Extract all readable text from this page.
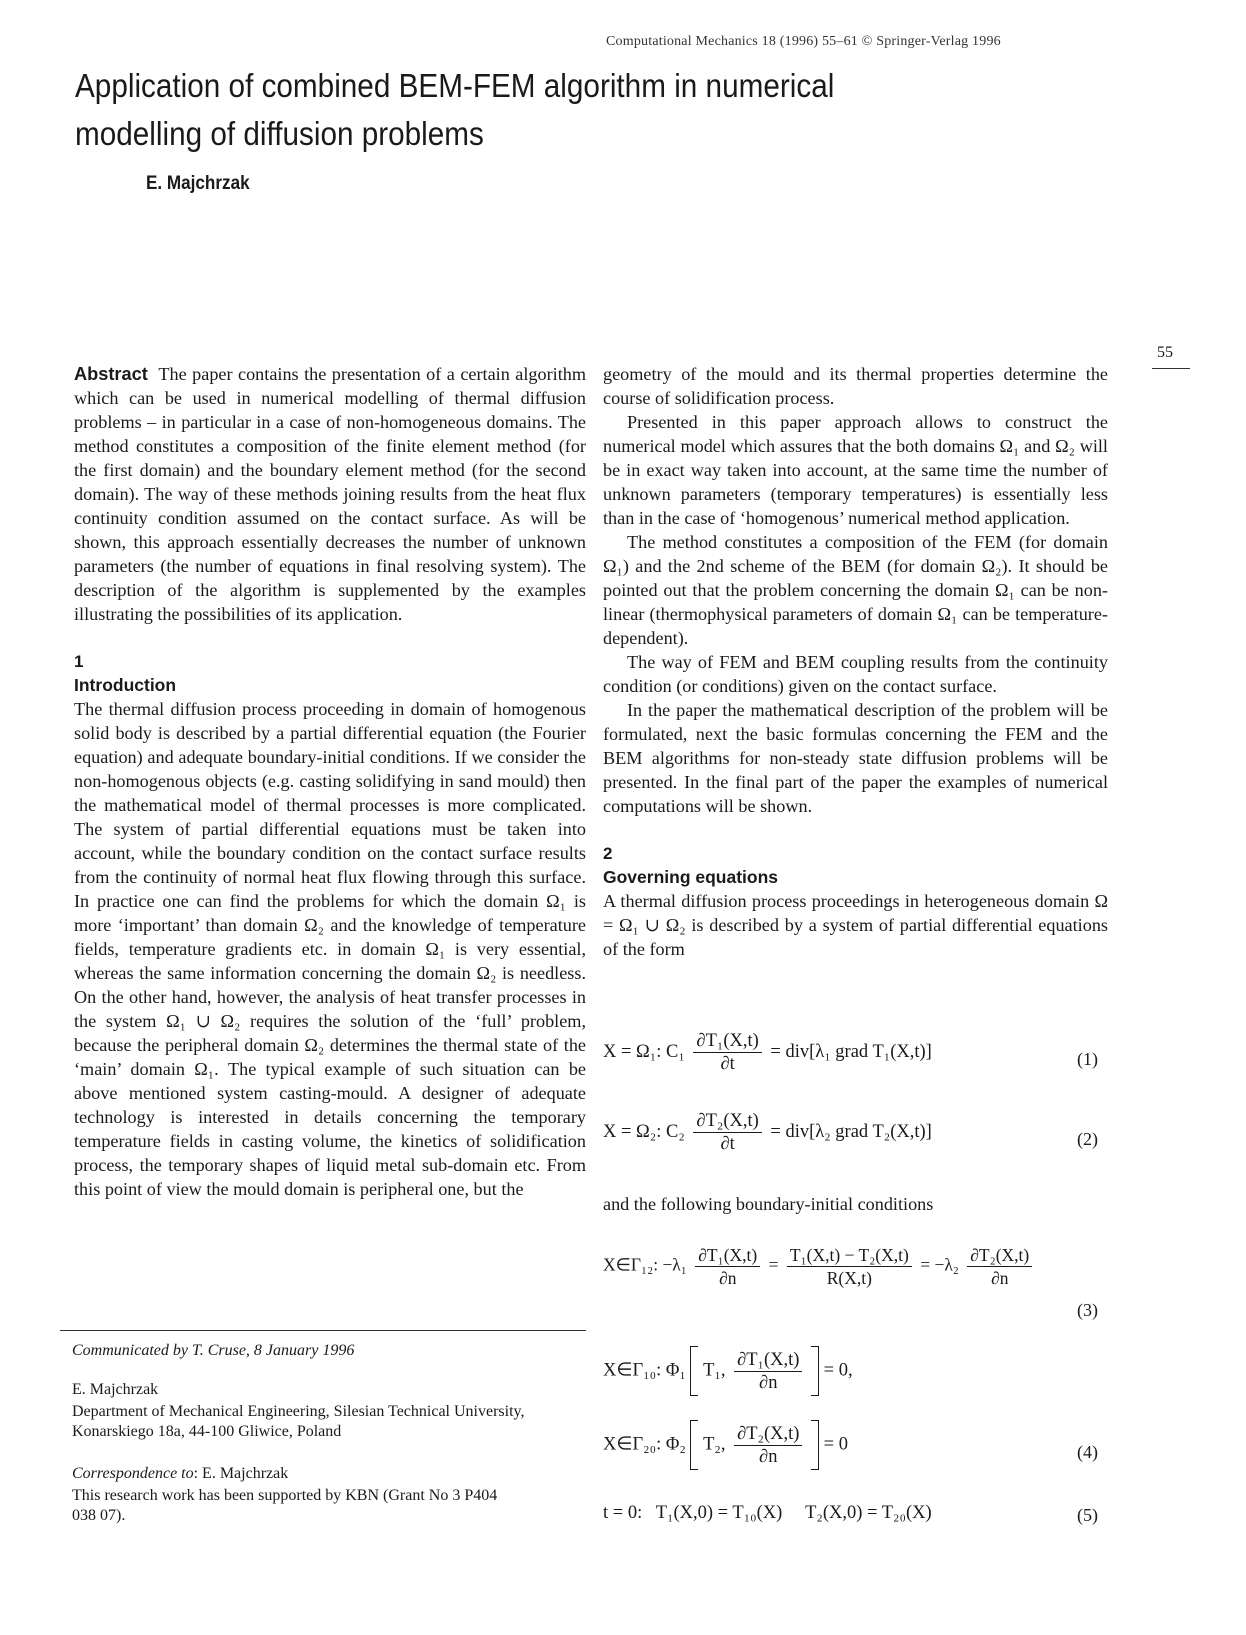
Computational Mechanics 18 (1996) 55–61 © Springer-Verlag 1996
Application of combined BEM-FEM algorithm in numerical modelling of diffusion problems
E. Majchrzak
55

Abstract The paper contains the presentation of a certain algorithm which can be used in numerical modelling of thermal diffusion problems – in particular in a case of non-homogeneous domains. The method constitutes a composition of the finite element method (for the first domain) and the boundary element method (for the second domain). The way of these methods joining results from the heat flux continuity condition assumed on the contact surface. As will be shown, this approach essentially decreases the number of unknown parameters (the number of equations in final resolving system). The description of the algorithm is supplemented by the examples illustrating the possibilities of its application.

1
Introduction

The thermal diffusion process proceeding in domain of homogenous solid body is described by a partial differential equation (the Fourier equation) and adequate boundary-initial conditions. If we consider the non-homogenous objects (e.g. casting solidifying in sand mould) then the mathematical model of thermal processes is more complicated. The system of partial differential equations must be taken into account, while the boundary condition on the contact surface results from the continuity of normal heat flux flowing through this surface. In practice one can find the problems for which the domain Ω₁ is more ‘important’ than domain Ω₂ and the knowledge of temperature fields, temperature gradients etc. in domain Ω₁ is very essential, whereas the same information concerning the domain Ω₂ is needless. On the other hand, however, the analysis of heat transfer processes in the system Ω₁ ∪ Ω₂ requires the solution of the ‘full’ problem, because the peripheral domain Ω₂ determines the thermal state of the ‘main’ domain Ω₁. The typical example of such situation can be above mentioned system casting-mould. A designer of adequate technology is interested in details concerning the temporary temperature fields in casting volume, the kinetics of solidification process, the temporary shapes of liquid metal sub-domain etc. From this point of view the mould domain is peripheral one, but the

geometry of the mould and its thermal properties determine the course of solidification process.

Presented in this paper approach allows to construct the numerical model which assures that the both domains Ω₁ and Ω₂ will be in exact way taken into account, at the same time the number of unknown parameters (temporary temperatures) is essentially less than in the case of ‘homogenous’ numerical method application.

The method constitutes a composition of the FEM (for domain Ω₁) and the 2nd scheme of the BEM (for domain Ω₂). It should be pointed out that the problem concerning the domain Ω₁ can be non-linear (thermophysical parameters of domain Ω₁ can be temperature-dependent).

The way of FEM and BEM coupling results from the continuity condition (or conditions) given on the contact surface.

In the paper the mathematical description of the problem will be formulated, next the basic formulas concerning the FEM and the BEM algorithms for non-steady state diffusion problems will be presented. In the final part of the paper the examples of numerical computations will be shown.

2
Governing equations

A thermal diffusion process proceedings in heterogeneous domain Ω = Ω₁ ∪ Ω₂ is described by a system of partial differential equations of the form

X = Ω₁: $C_1 \frac{\text{∂T₁(X,t)}}{\partial t} = div[\lambda_1$ grad T₁(X,t)]	(1)
X = Ω₂: $C_2 \frac{\text{∂T₂(X,t)}}{\partial t} = div[\lambda_2$ grad T₂(X,t)]	(2)
and the following boundary-initial conditions
X∈Γ₁₂: $-\lambda_1 \frac{\text{∂T₁(X,t)}}{\partial n} = \frac{\text{T₁(X,t) − T₂(X,t)}}{R(X,t)} = -\lambda_2 \frac{\text{∂T₂(X,t)}}{\partial n}$
(3)
X∈Γ₁₀: Φ₁ T₁, $\frac{\text{∂T₁(X,t)}}{\partial n} = 0$,
X∈Γ₂₀: Φ₂ T₂, $\frac{\text{∂T₂(X,t)}}{\partial n} = 0$	(4)
t = 0:   T₁(X,0) = T₁₀(X)     T₂(X,0) = T₂₀(X)	(5)
Communicated by T. Cruse, 8 January 1996
E. Majchrzak
Department of Mechanical Engineering, Silesian Technical University, Konarskiego 18a, 44-100 Gliwice, Poland
Correspondence to: E. Majchrzak
This research work has been supported by KBN (Grant No 3 P404 038 07).
